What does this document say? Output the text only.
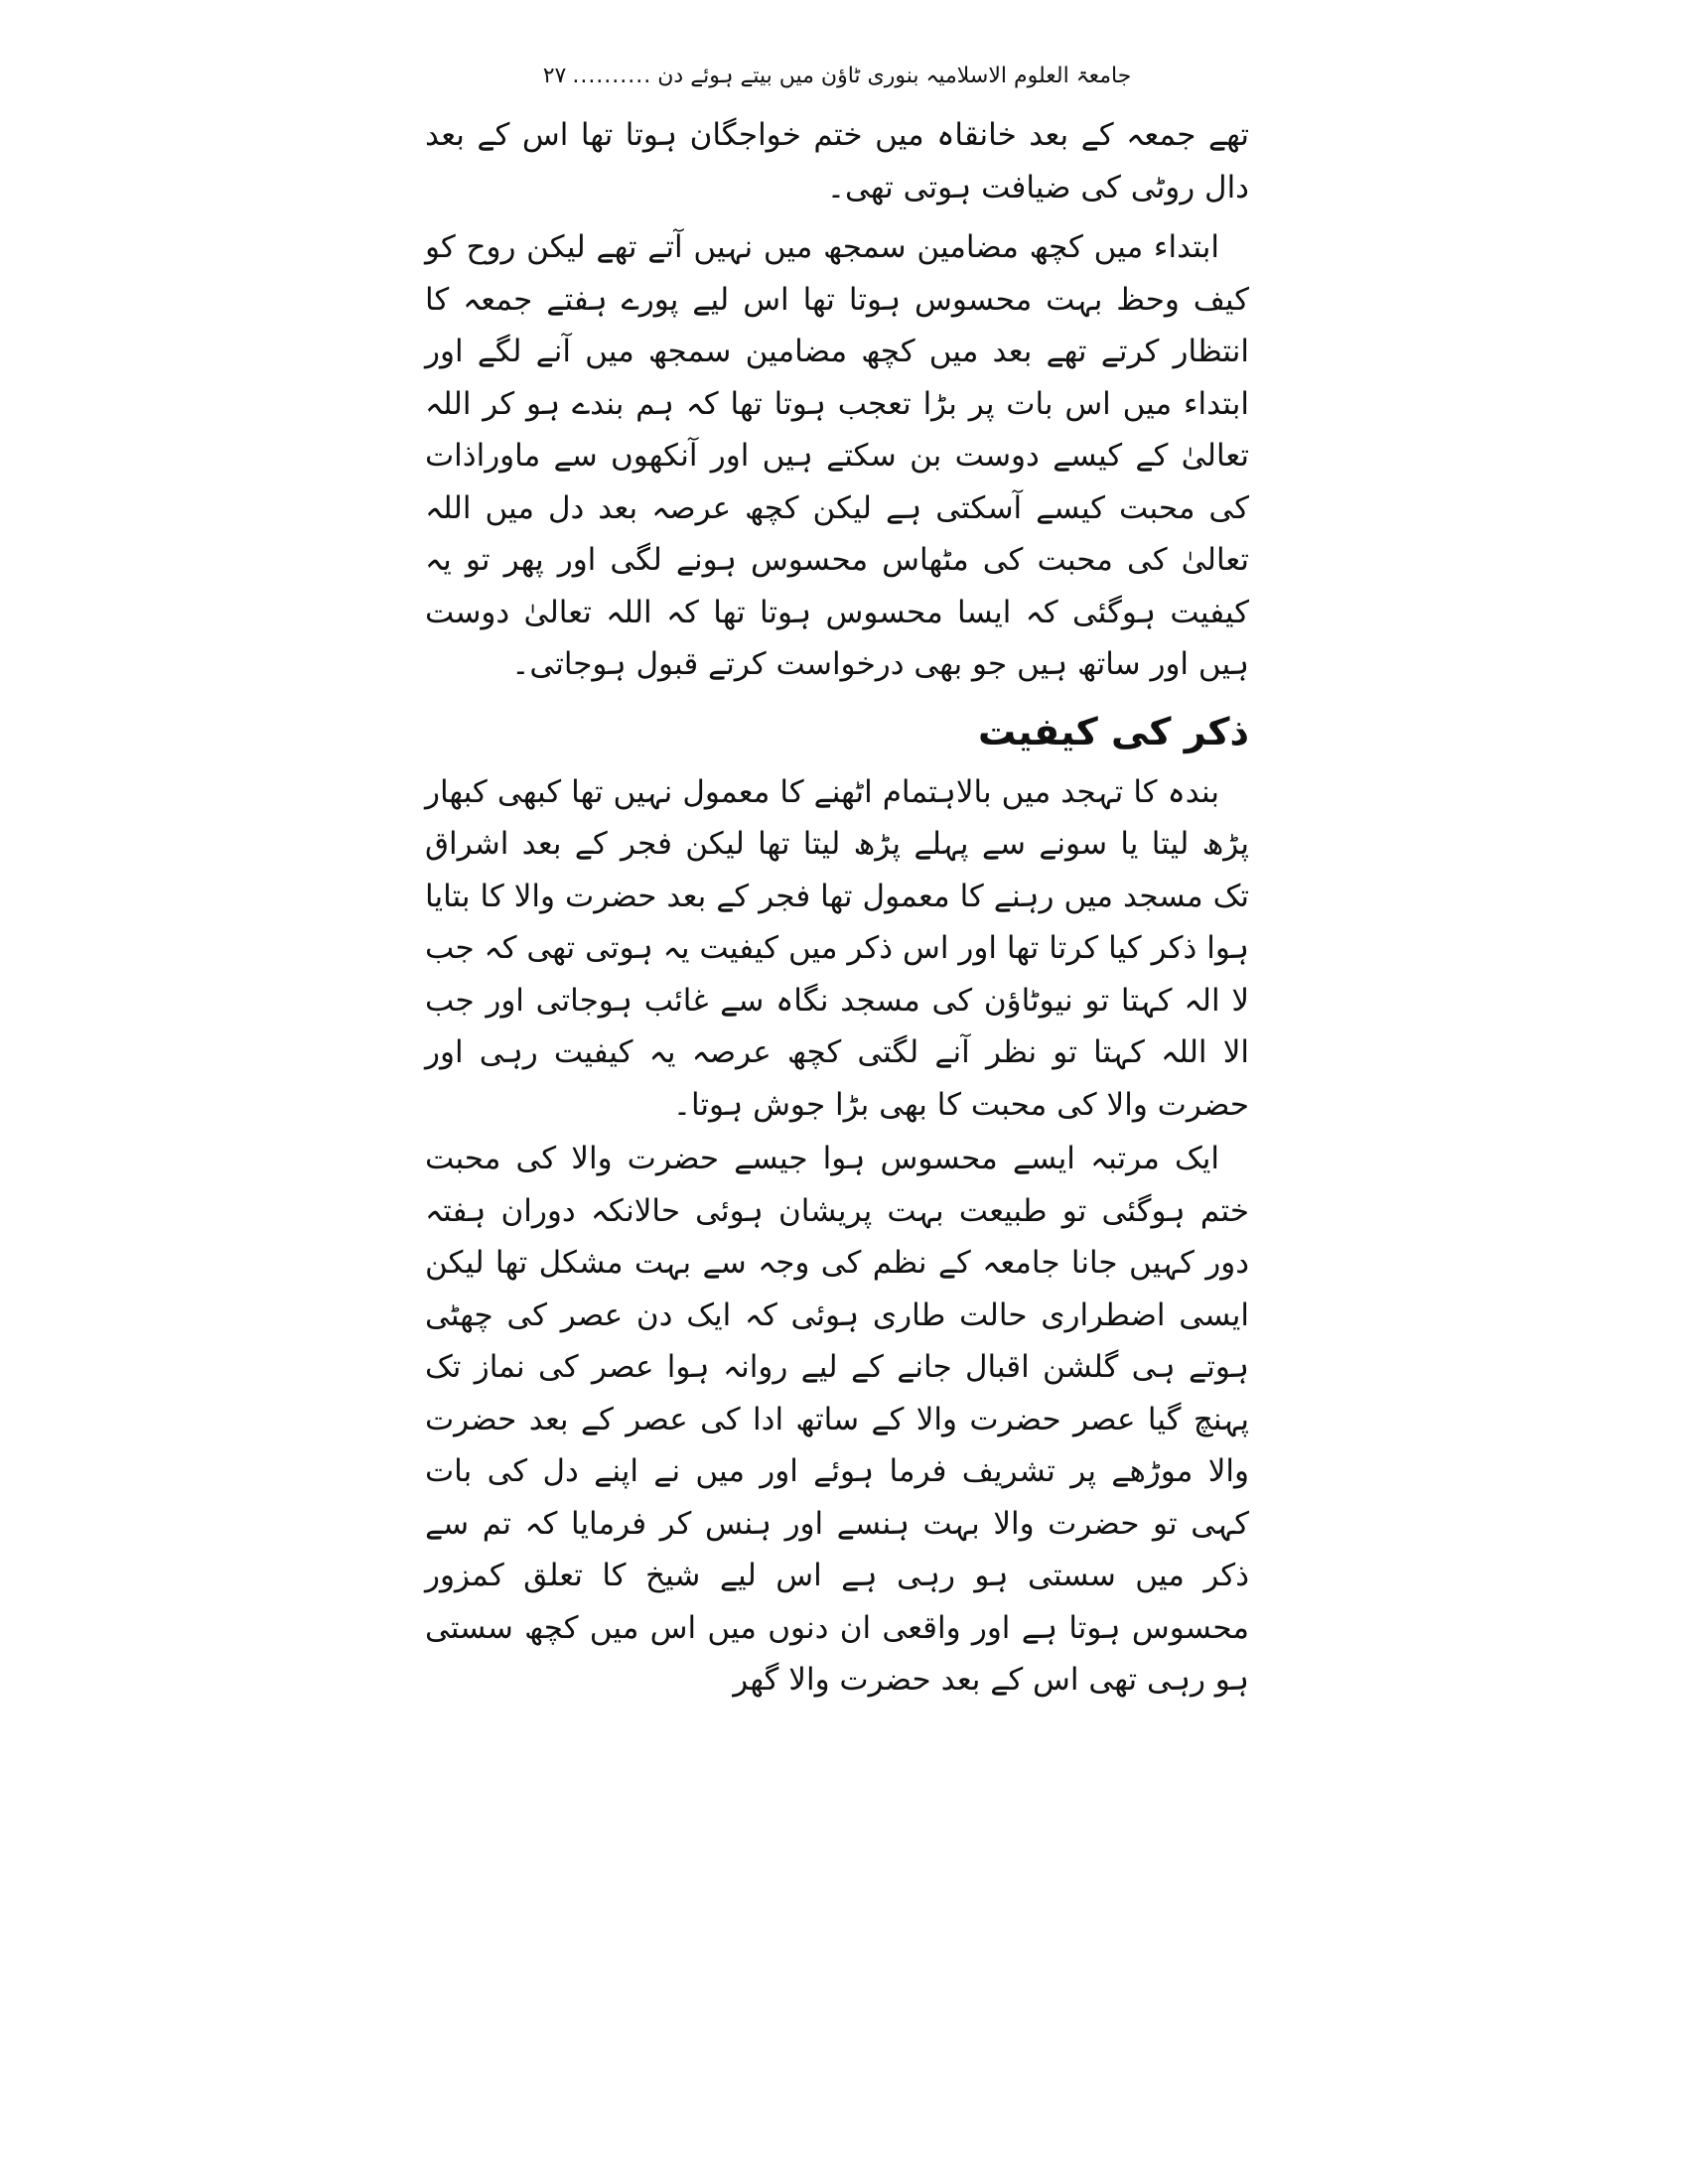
جامعۃ العلوم الاسلامیہ بنوری ٹاؤن میں بیتے ہوئے دن..........۲۷

تھے جمعہ کے بعد خانقاہ میں ختم خواجگان ہوتا تھا اس کے بعد دال روٹی کی ضیافت ہوتی تھی۔

ابتداء میں کچھ مضامین سمجھ میں نہیں آتے تھے لیکن روح کو کیف وحظ بہت محسوس ہوتا تھا اس لیے پورے ہفتے جمعہ کا انتظار کرتے تھے بعد میں کچھ مضامین سمجھ میں آنے لگے اور ابتداء میں اس بات پر بڑا تعجب ہوتا تھا کہ ہم بندے ہو کر اللہ تعالیٰ کے کیسے دوست بن سکتے ہیں اور آنکھوں سے ماوراذات کی محبت کیسے آسکتی ہے لیکن کچھ عرصہ بعد دل میں اللہ تعالیٰ کی محبت کی مٹھاس محسوس ہونے لگی اور پھر تو یہ کیفیت ہوگئی کہ ایسا محسوس ہوتا تھا کہ اللہ تعالیٰ دوست ہیں اور ساتھ ہیں جو بھی درخواست کرتے قبول ہوجاتی۔

ذکر کی کیفیت

بندہ کا تہجد میں بالاہتمام اٹھنے کا معمول نہیں تھا کبھی کبھار پڑھ لیتا یا سونے سے پہلے پڑھ لیتا تھا لیکن فجر کے بعد اشراق تک مسجد میں رہنے کا معمول تھا فجر کے بعد حضرت والا کا بتایا ہوا ذکر کیا کرتا تھا اور اس ذکر میں کیفیت یہ ہوتی تھی کہ جب لا الہ کہتا تو نیوٹاؤن کی مسجد نگاہ سے غائب ہوجاتی اور جب الا اللہ کہتا تو نظر آنے لگتی کچھ عرصہ یہ کیفیت رہی اور حضرت والا کی محبت کا بھی بڑا جوش ہوتا۔

ایک مرتبہ ایسے محسوس ہوا جیسے حضرت والا کی محبت ختم ہوگئی تو طبیعت بہت پریشان ہوئی حالانکہ دوران ہفتہ دور کہیں جانا جامعہ کے نظم کی وجہ سے بہت مشکل تھا لیکن ایسی اضطراری حالت طاری ہوئی کہ ایک دن عصر کی چھٹی ہوتے ہی گلشن اقبال جانے کے لیے روانہ ہوا عصر کی نماز تک پہنچ گیا عصر حضرت والا کے ساتھ ادا کی عصر کے بعد حضرت والا موڑھے پر تشریف فرما ہوئے اور میں نے اپنے دل کی بات کہی تو حضرت والا بہت ہنسے اور ہنس کر فرمایا کہ تم سے ذکر میں سستی ہو رہی ہے اس لیے شیخ کا تعلق کمزور محسوس ہوتا ہے اور واقعی ان دنوں میں اس میں کچھ سستی ہو رہی تھی اس کے بعد حضرت والا گھر
